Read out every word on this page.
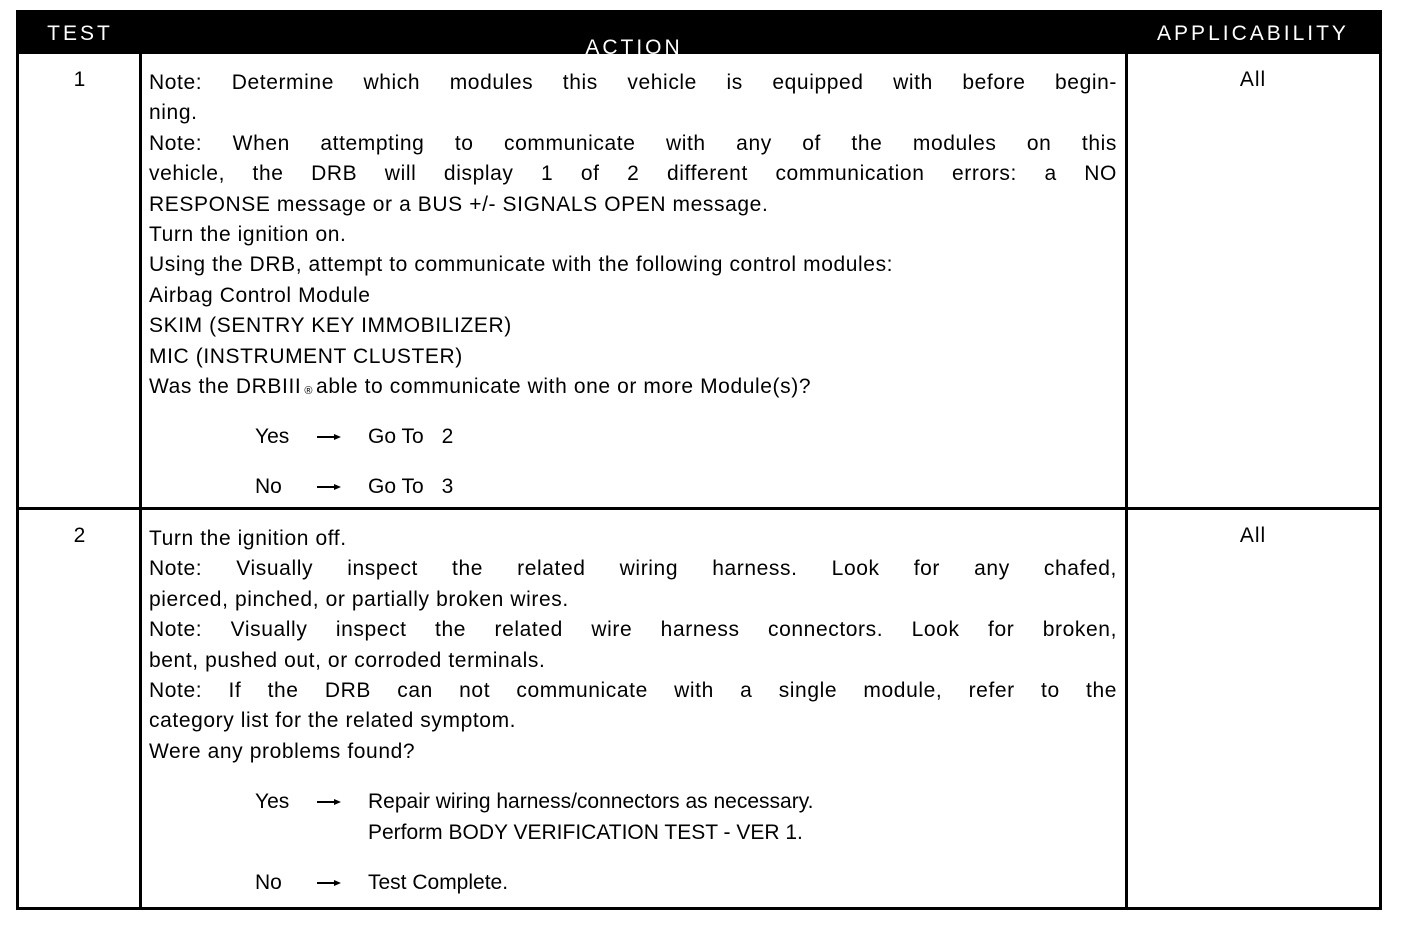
TEST
ACTION
APPLICABILITY
1	Note: Determine which modules this vehicle is equipped with before begin-
ning.
Note: When attempting to communicate with any of the modules on this
vehicle, the DRB will display 1 of 2 different communication errors: a NO
RESPONSE message or a BUS +/- SIGNALS OPEN message.
Turn the ignition on.
Using the DRB, attempt to communicate with the following control modules:
Airbag Control Module
SKIM (SENTRY KEY IMMOBILIZER)
MIC (INSTRUMENT CLUSTER)
Was the DRBIII ® able to communicate with one or more Module(s)?
Yes	Go To 2
No	Go To 3
All
2	Turn the ignition off.
Note: Visually inspect the related wiring harness. Look for any chafed,
pierced, pinched, or partially broken wires.
Note: Visually inspect the related wire harness connectors. Look for broken,
bent, pushed out, or corroded terminals.
Note: If the DRB can not communicate with a single module, refer to the
category list for the related symptom.
Were any problems found?
Yes	Repair wiring harness/connectors as necessary.
Perform BODY VERIFICATION TEST - VER 1.
No	Test Complete.
All
